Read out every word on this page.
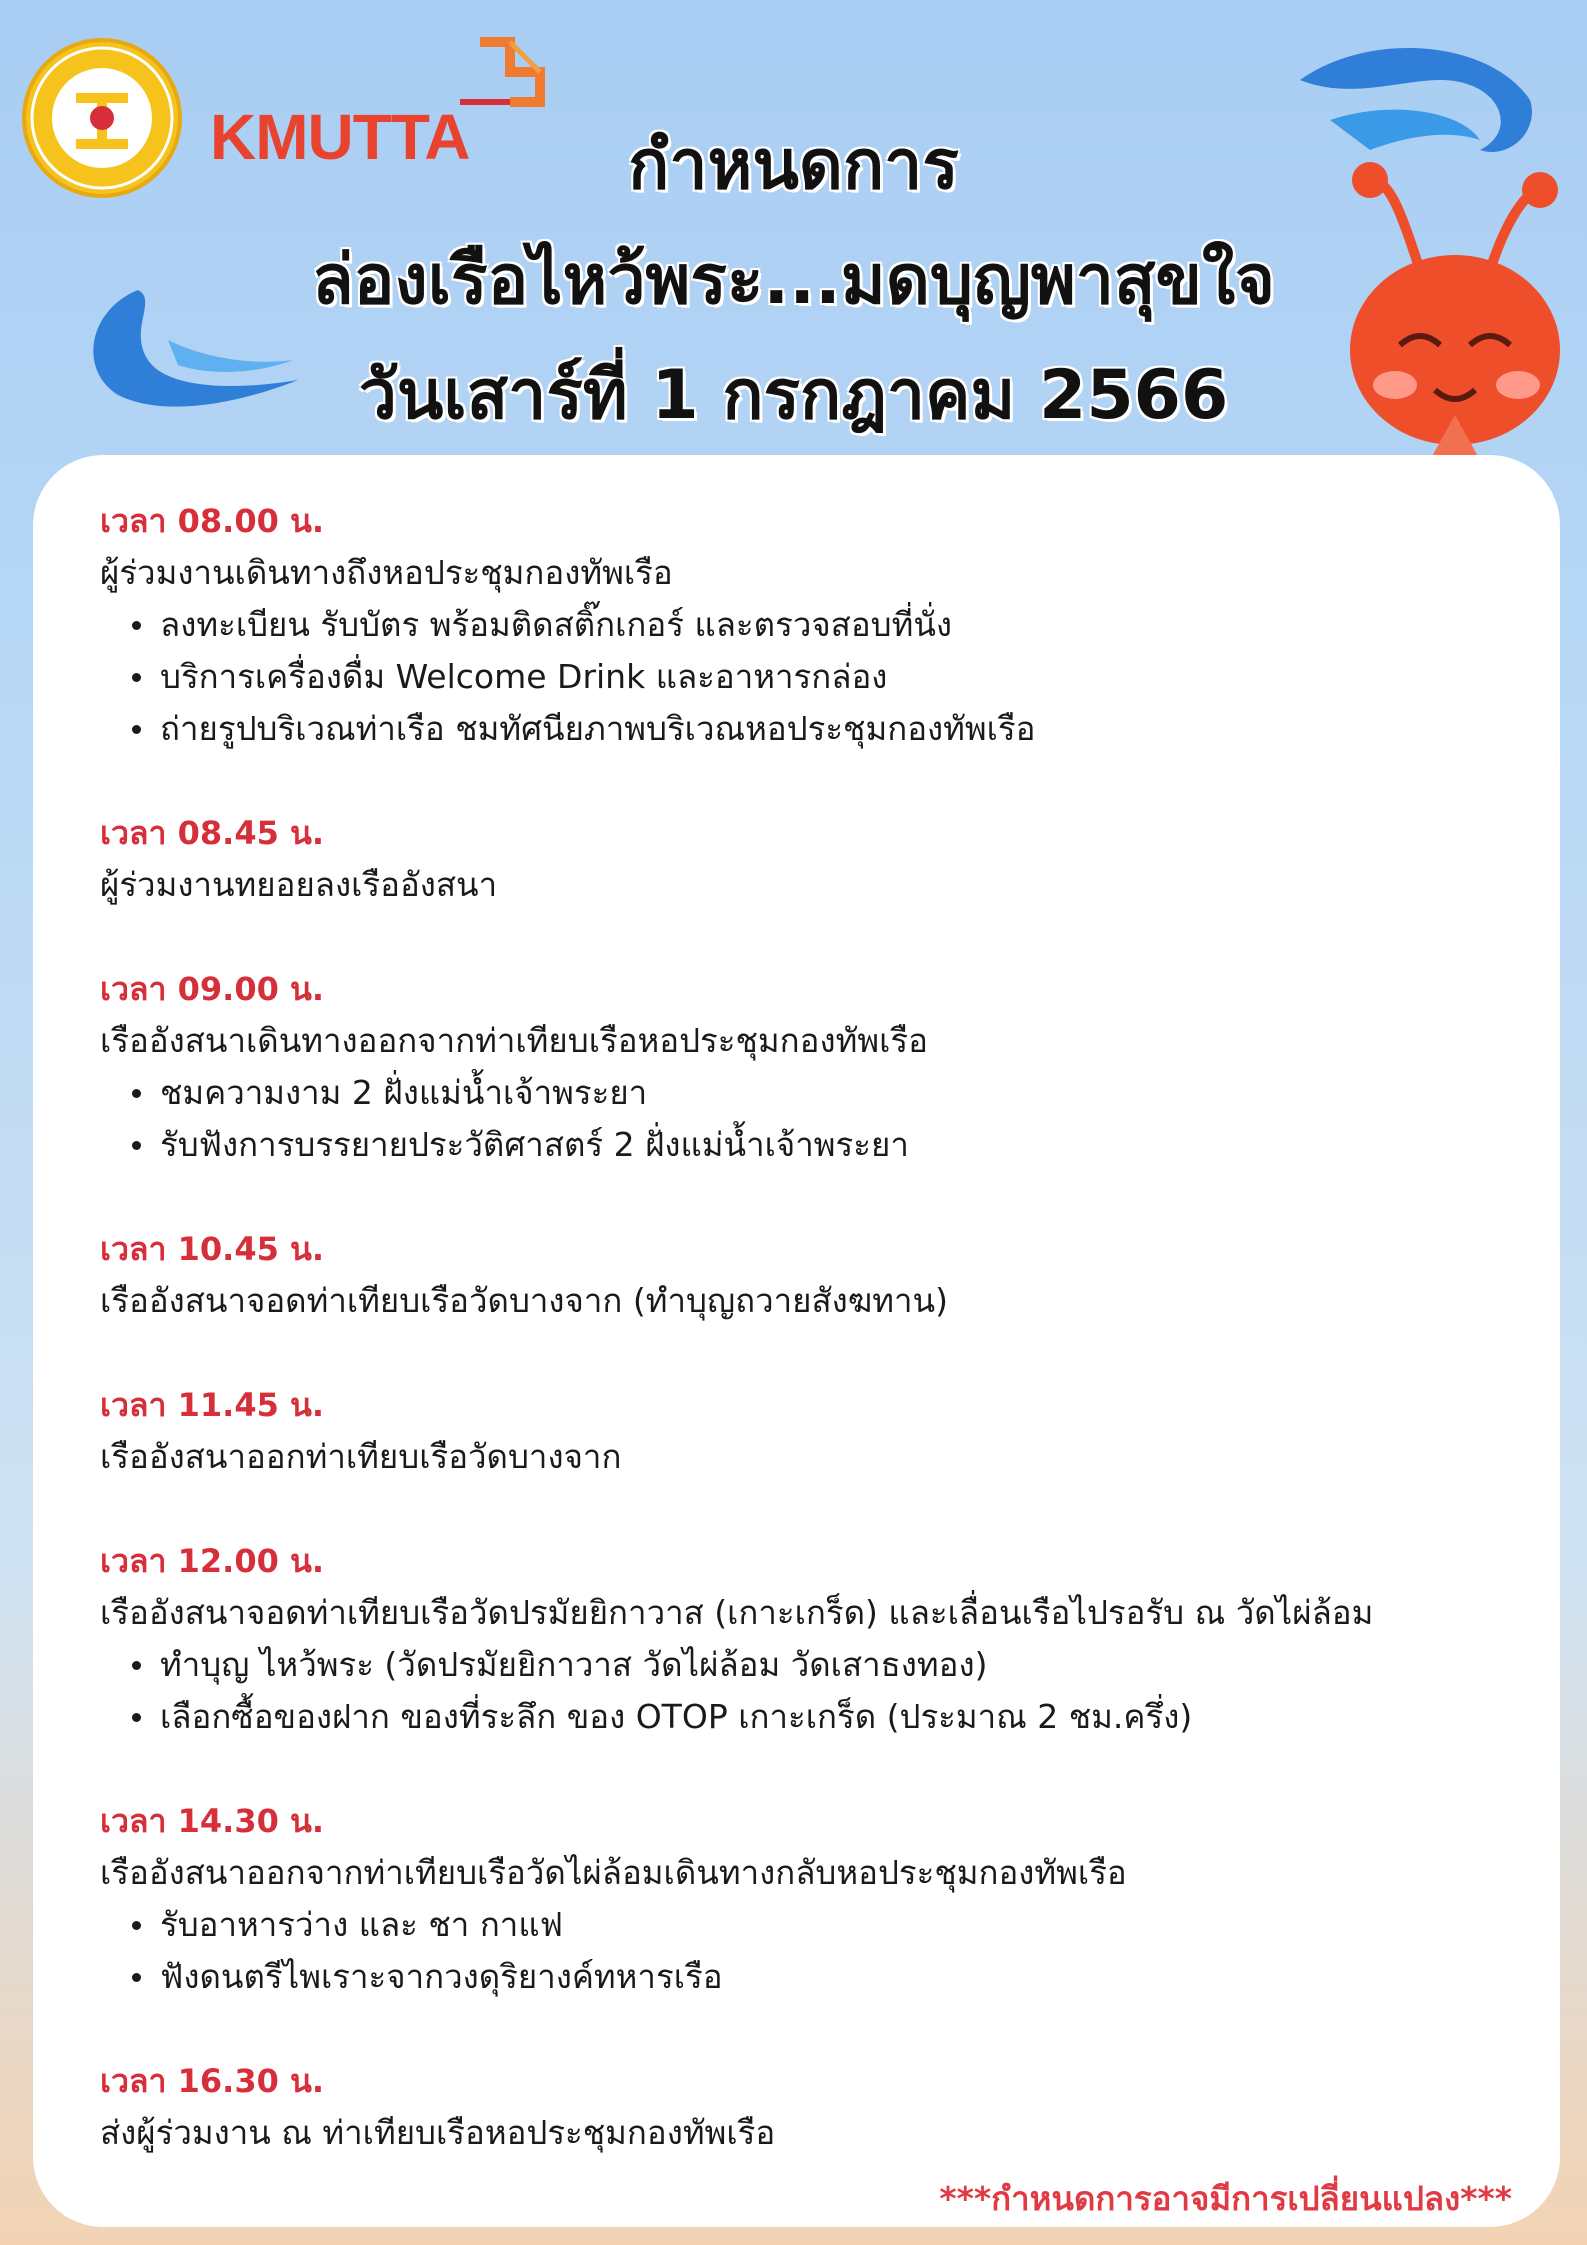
KMUTTA	กำหนดการ
ล่องเรือไหว้พระ...มดบุญพาสุขใจ
วันเสาร์ที่ 1 กรกฎาคม 2566

เวลา 08.00 น.

ผู้ร่วมงานเดินทางถึงหอประชุมกองทัพเรือ

ลงทะเบียน รับบัตร พร้อมติดสติ๊กเกอร์ และตรวจสอบที่นั่ง
บริการเครื่องดื่ม Welcome Drink และอาหารกล่อง
ถ่ายรูปบริเวณท่าเรือ ชมทัศนียภาพบริเวณหอประชุมกองทัพเรือ

เวลา 08.45 น.

ผู้ร่วมงานทยอยลงเรืออังสนา

เวลา 09.00 น.

เรืออังสนาเดินทางออกจากท่าเทียบเรือหอประชุมกองทัพเรือ

ชมความงาม 2 ฝั่งแม่น้ำเจ้าพระยา
รับฟังการบรรยายประวัติศาสตร์ 2 ฝั่งแม่น้ำเจ้าพระยา

เวลา 10.45 น.

เรืออังสนาจอดท่าเทียบเรือวัดบางจาก (ทำบุญถวายสังฆทาน)

เวลา 11.45 น.

เรืออังสนาออกท่าเทียบเรือวัดบางจาก

เวลา 12.00 น.

เรืออังสนาจอดท่าเทียบเรือวัดปรมัยยิกาวาส (เกาะเกร็ด) และเลื่อนเรือไปรอรับ ณ วัดไผ่ล้อม

ทำบุญ ไหว้พระ (วัดปรมัยยิกาวาส วัดไผ่ล้อม วัดเสาธงทอง)
เลือกซื้อของฝาก ของที่ระลึก ของ OTOP เกาะเกร็ด (ประมาณ 2 ชม.ครึ่ง)

เวลา 14.30 น.

เรืออังสนาออกจากท่าเทียบเรือวัดไผ่ล้อมเดินทางกลับหอประชุมกองทัพเรือ

รับอาหารว่าง และ ชา กาแฟ
ฟังดนตรีไพเราะจากวงดุริยางค์ทหารเรือ

เวลา 16.30 น.

ส่งผู้ร่วมงาน ณ ท่าเทียบเรือหอประชุมกองทัพเรือ

***กำหนดการอาจมีการเปลี่ยนแปลง***
